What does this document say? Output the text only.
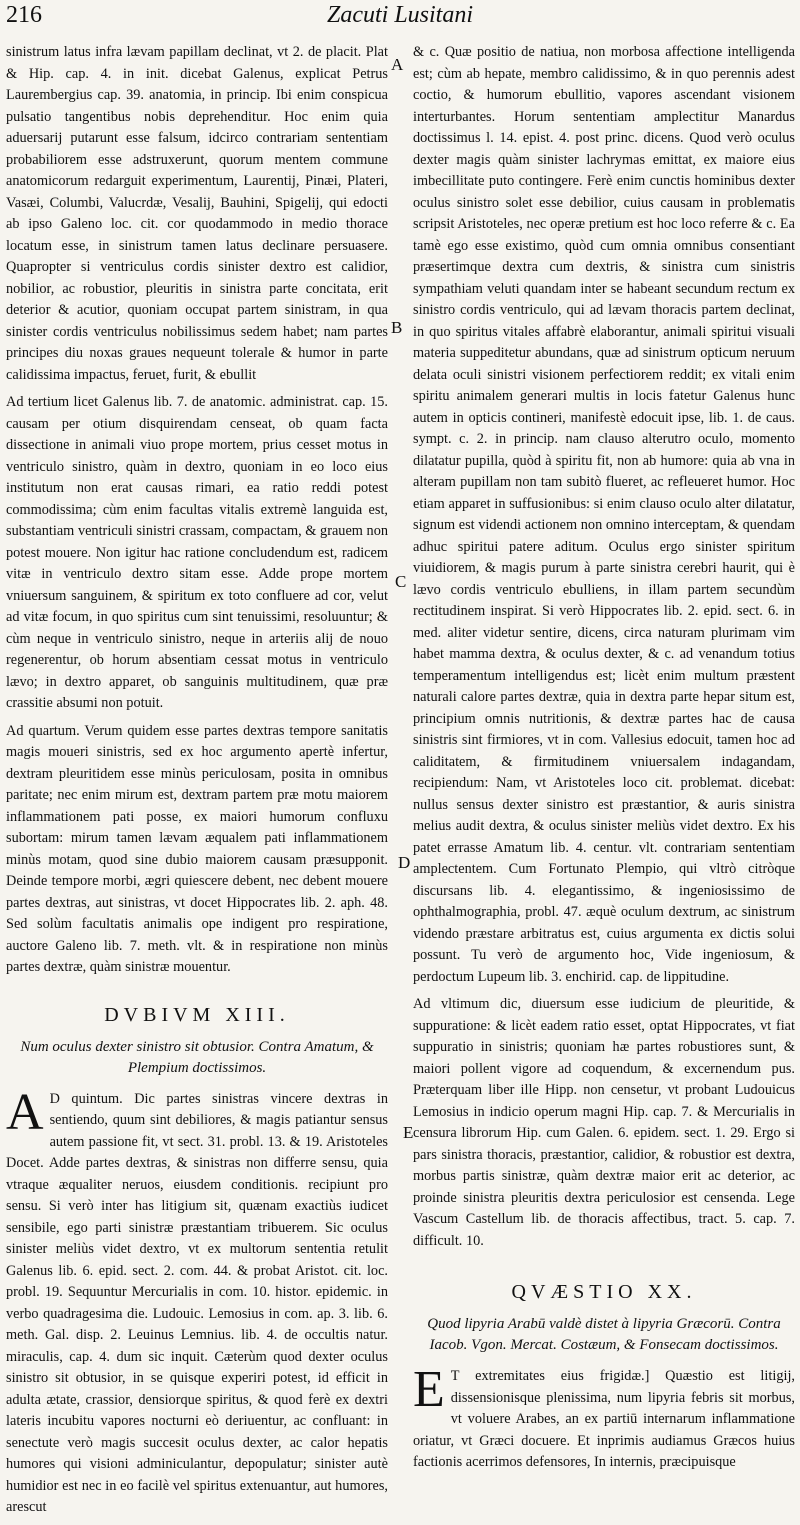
216	Zacuti Lusitani
A
B
C
D
E

sinistrum latus infra lævam papillam declinat, vt 2. de placit. Plat & Hip. cap. 4. in init. dicebat Galenus, explicat Petrus Laurembergius cap. 39. anatomia, in princip. Ibi enim conspicua pulsatio tangentibus nobis deprehenditur. Hoc enim quia aduersarij putarunt esse falsum, idcirco contrariam sententiam probabiliorem esse adstruxerunt, quorum mentem commune anatomicorum redarguit experimentum, Laurentij, Pinæi, Plateri, Vasæi, Columbi, Valucrdæ, Vesalij, Bauhini, Spigelij, qui edocti ab ipso Galeno loc. cit. cor quodammodo in medio thorace locatum esse, in sinistrum tamen latus declinare persuasere. Quapropter si ventriculus cordis sinister dextro est calidior, nobilior, ac robustior, pleuritis in sinistra parte concitata, erit deterior & acutior, quoniam occupat partem sinistram, in qua sinister cordis ventriculus nobilissimus sedem habet; nam partes principes diu noxas graues nequeunt tolerale & humor in parte calidissima impactus, feruet, furit, & ebullit

Ad tertium licet Galenus lib. 7. de anatomic. administrat. cap. 15. causam per otium disquirendam censeat, ob quam facta dissectione in animali viuo prope mortem, prius cesset motus in ventriculo sinistro, quàm in dextro, quoniam in eo loco eius institutum non erat causas rimari, ea ratio reddi potest commodissima; cùm enim facultas vitalis extremè languida est, substantiam ventriculi sinistri crassam, compactam, & grauem non potest mouere. Non igitur hac ratione concludendum est, radicem vitæ in ventriculo dextro sitam esse. Adde prope mortem vniuersum sanguinem, & spiritum ex toto confluere ad cor, velut ad vitæ focum, in quo spiritus cum sint tenuissimi, resoluuntur; & cùm neque in ventriculo sinistro, neque in arteriis alij de nouo regenerentur, ob horum absentiam cessat motus in ventriculo lævo; in dextro apparet, ob sanguinis multitudinem, quæ præ crassitie absumi non potuit.

Ad quartum. Verum quidem esse partes dextras tempore sanitatis magis moueri sinistris, sed ex hoc argumento apertè infertur, dextram pleuritidem esse minùs periculosam, posita in omnibus paritate; nec enim mirum est, dextram partem præ motu maiorem inflammationem pati posse, ex maiori humorum confluxu subortam: mirum tamen lævam æqualem pati inflammationem minùs motam, quod sine dubio maiorem causam præsupponit. Deinde tempore morbi, ægri quiescere debent, nec debent mouere partes dextras, aut sinistras, vt docet Hippocrates lib. 2. aph. 48. Sed solùm facultatis animalis ope indigent pro respiratione, auctore Galeno lib. 7. meth. vlt. & in respiratione non minùs partes dextræ, quàm sinistræ mouentur.

DVBIVM XIII.
Num oculus dexter sinistro sit obtusior. Contra Amatum, & Plempium doctissimos.

A D quintum. Dic partes sinistras vincere dextras in sentiendo, quum sint debiliores, & magis patiantur sensus autem passione fit, vt sect. 31. probl. 13. & 19. Aristoteles Docet. Adde partes dextras, & sinistras non differre sensu, quia vtraque æqualiter neruos, eiusdem conditionis. recipiunt pro sensu. Si verò inter has litigium sit, quænam exactiùs iudicet sensibile, ego parti sinistræ præstantiam tribuerem. Sic oculus sinister meliùs videt dextro, vt ex multorum sententia retulit Galenus lib. 6. epid. sect. 2. com. 44. & probat Aristot. cit. loc. probl. 19. Sequuntur Mercurialis in com. 10. histor. epidemic. in verbo quadragesima die. Ludouic. Lemosius in com. ap. 3. lib. 6. meth. Gal. disp. 2. Leuinus Lemnius. lib. 4. de occultis natur. miraculis, cap. 4. dum sic inquit. Cæterùm quod dexter oculus sinistro sit obtusior, in se quisque experiri potest, id efficit in adulta ætate, crassior, densiorque spiritus, & quod ferè ex dextri lateris incubitu vapores nocturni eò deriuentur, ac confluant: in senectute verò magis succesit oculus dexter, ac calor hepatis humores qui visioni adminiculantur, depopulatur; sinister autè humidior est nec in eo facilè vel spiritus extenuantur, aut humores, arescut

& c. Quæ positio de natiua, non morbosa affectione intelligenda est; cùm ab hepate, membro calidissimo, & in quo perennis adest coctio, & humorum ebullitio, vapores ascendant visionem interturbantes. Horum sententiam amplectitur Manardus doctissimus l. 14. epist. 4. post princ. dicens. Quod verò oculus dexter magis quàm sinister lachrymas emittat, ex maiore eius imbecillitate puto contingere. Ferè enim cunctis hominibus dexter oculus sinistro solet esse debilior, cuius causam in problematis scripsit Aristoteles, nec operæ pretium est hoc loco referre & c. Ea tamè ego esse existimo, quòd cum omnia omnibus consentiant præsertimque dextra cum dextris, & sinistra cum sinistris sympathiam veluti quandam inter se habeant secundum rectum ex sinistro cordis ventriculo, qui ad lævam thoracis partem declinat, in quo spiritus vitales affabrè elaborantur, animali spiritui visuali materia suppeditetur abundans, quæ ad sinistrum opticum neruum delata oculi sinistri visionem perfectiorem reddit; ex vitali enim spiritu animalem generari multis in locis fatetur Galenus hunc autem in opticis contineri, manifestè edocuit ipse, lib. 1. de caus. sympt. c. 2. in princip. nam clauso alterutro oculo, momento dilatatur pupilla, quòd à spiritu fit, non ab humore: quia ab vna in alteram pupillam non tam subitò flueret, ac refleueret humor. Hoc etiam apparet in suffusionibus: si enim clauso oculo alter dilatatur, signum est videndi actionem non omnino interceptam, & quendam adhuc spiritui patere aditum. Oculus ergo sinister spiritum viuidiorem, & magis purum à parte sinistra cerebri haurit, qui è lævo cordis ventriculo ebulliens, in illam partem secundùm rectitudinem inspirat. Si verò Hippocrates lib. 2. epid. sect. 6. in med. aliter videtur sentire, dicens, circa naturam plurimam vim habet mamma dextra, & oculus dexter, & c. ad venandum totius temperamentum intelligendus est; licèt enim multum præstent naturali calore partes dextræ, quia in dextra parte hepar situm est, principium omnis nutritionis, & dextræ partes hac de causa sinistris sint firmiores, vt in com. Vallesius edocuit, tamen hoc ad caliditatem, & firmitudinem vniuersalem indagandam, recipiendum: Nam, vt Aristoteles loco cit. problemat. dicebat: nullus sensus dexter sinistro est præstantior, & auris sinistra melius audit dextra, & oculus sinister meliùs videt dextro. Ex his patet errasse Amatum lib. 4. centur. vlt. contrariam sententiam amplectentem. Cum Fortunato Plempio, qui vltrò citròque discursans lib. 4. elegantissimo, & ingeniosissimo de ophthalmographia, probl. 47. æquè oculum dextrum, ac sinistrum videndo præstare arbitratus est, cuius argumenta ex dictis solui possunt. Tu verò de argumento hoc, Vide ingeniosum, & perdoctum Lupeum lib. 3. enchirid. cap. de lippitudine.

Ad vltimum dic, diuersum esse iudicium de pleuritide, & suppuratione: & licèt eadem ratio esset, optat Hippocrates, vt fiat suppuratio in sinistris; quoniam hæ partes robustiores sunt, & maiori pollent vigore ad coquendum, & excernendum pus. Præterquam liber ille Hipp. non censetur, vt probant Ludouicus Lemosius in indicio operum magni Hip. cap. 7. & Mercurialis in censura librorum Hip. cum Galen. 6. epidem. sect. 1. 29. Ergo si pars sinistra thoracis, præstantior, calidior, & robustior est dextra, morbus partis sinistræ, quàm dextræ maior erit ac deterior, ac proinde sinistra pleuritis dextra periculosior est censenda. Lege Vascum Castellum lib. de thoracis affectibus, tract. 5. cap. 7. difficult. 10.

QVÆSTIO XX.
Quod lipyria Arabū valdè distet à lipyria Græcorū. Contra Iacob. Vgon. Mercat. Costæum, & Fonsecam doctissimos.

E T extremitates eius frigidæ.] Quæstio est litigij, dissensionisque plenissima, num lipyria febris sit morbus, vt voluere Arabes, an ex partiū internarum inflammatione oriatur, vt Græci docuere. Et inprimis audiamus Græcos huius factionis acerrimos defensores, In internis, præcipuisque
